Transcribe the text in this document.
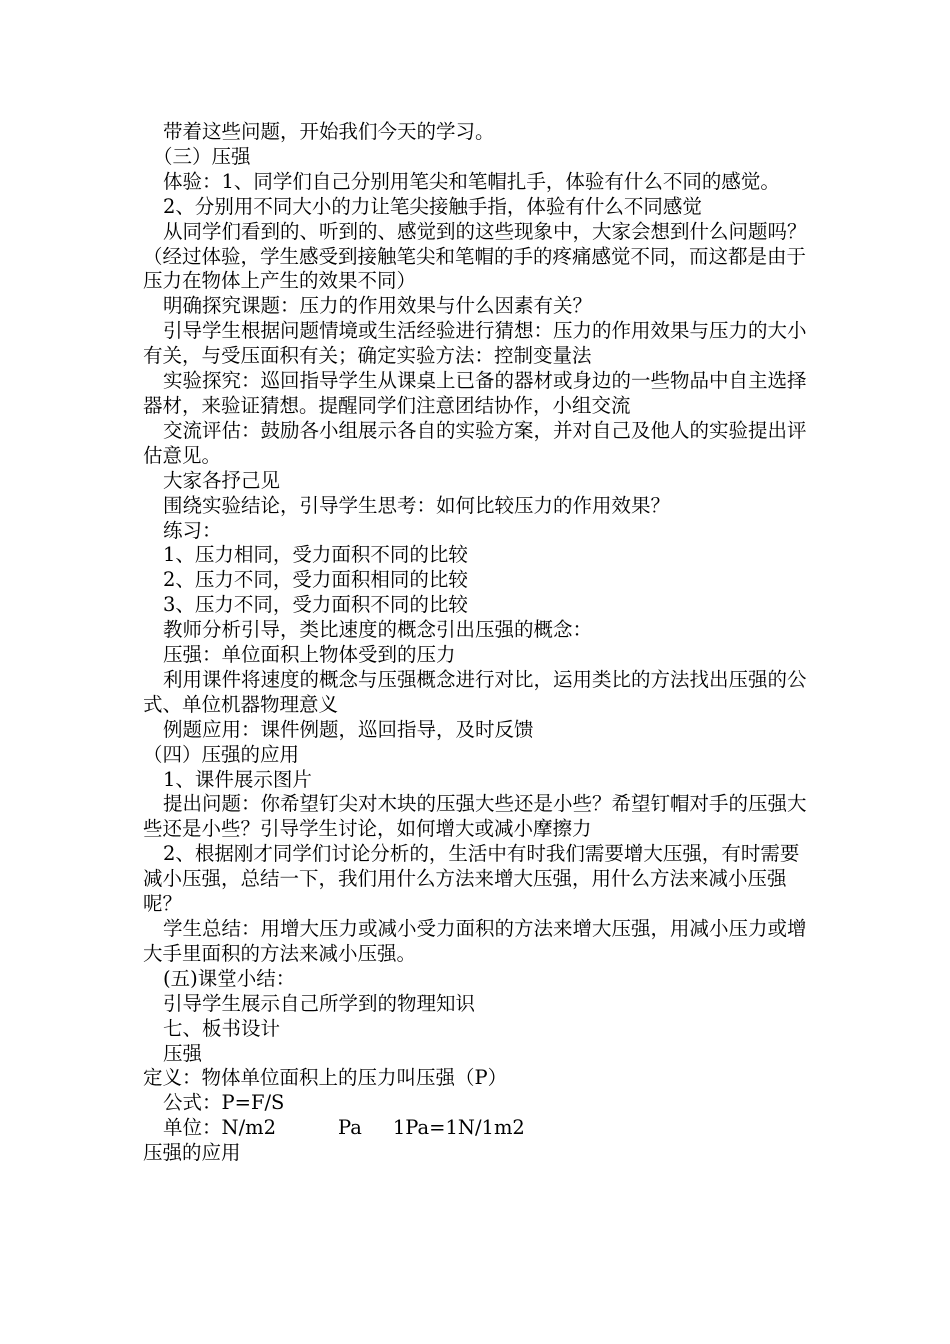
带着这些问题，开始我们今天的学习。

（三）压强

体验：1、同学们自己分别用笔尖和笔帽扎手，体验有什么不同的感觉。

2、分别用不同大小的力让笔尖接触手指，体验有什么不同感觉

从同学们看到的、听到的、感觉到的这些现象中，大家会想到什么问题吗？

（经过体验，学生感受到接触笔尖和笔帽的手的疼痛感觉不同，而这都是由于压力在物体上产生的效果不同）

明确探究课题：压力的作用效果与什么因素有关？

引导学生根据问题情境或生活经验进行猜想：压力的作用效果与压力的大小有关，与受压面积有关；确定实验方法：控制变量法

实验探究：巡回指导学生从课桌上已备的器材或身边的一些物品中自主选择器材，来验证猜想。提醒同学们注意团结协作，小组交流

交流评估：鼓励各小组展示各自的实验方案，并对自己及他人的实验提出评估意见。

大家各抒己见

围绕实验结论，引导学生思考：如何比较压力的作用效果？

练习：

1、压力相同，受力面积不同的比较

2、压力不同，受力面积相同的比较

3、压力不同，受力面积不同的比较

教师分析引导，类比速度的概念引出压强的概念：

压强：单位面积上物体受到的压力

利用课件将速度的概念与压强概念进行对比，运用类比的方法找出压强的公式、单位机器物理意义

例题应用：课件例题，巡回指导，及时反馈

（四）压强的应用

1、课件展示图片

提出问题：你希望钉尖对木块的压强大些还是小些？希望钉帽对手的压强大些还是小些？引导学生讨论，如何增大或减小摩擦力

2、根据刚才同学们讨论分析的，生活中有时我们需要增大压强，有时需要减小压强，总结一下，我们用什么方法来增大压强，用什么方法来减小压强呢？

学生总结：用增大压力或减小受力面积的方法来增大压强，用减小压力或增大手里面积的方法来减小压强。

(五)课堂小结：

引导学生展示自己所学到的物理知识

七、板书设计

压强

定义：物体单位面积上的压力叫压强（P）

公式：P=F/S

单位：N/m2          Pa     1Pa=1N/1m2

压强的应用
